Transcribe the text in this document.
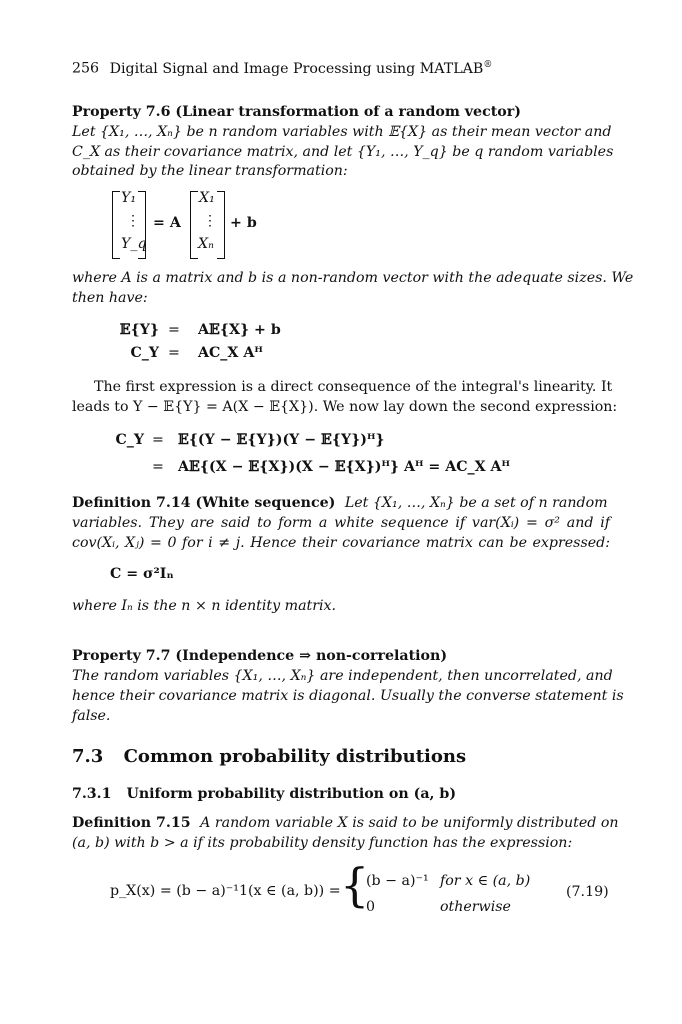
256 Digital Signal and Image Processing using MATLAB®
Property 7.6 (Linear transformation of a random vector)
Let {X₁, …, Xₙ} be n random variables with 𝔼{X} as their mean vector and
C_X as their covariance matrix, and let {Y₁, …, Y_q} be q random variables
obtained by the linear transformation:
Y₁
⋮
Y_q
= A
X₁
⋮
Xₙ
+ b
where A is a matrix and b is a non-random vector with the adequate sizes. We
then have:
𝔼{Y} = A𝔼{X} + b
C_Y = AC_X Aᴴ
The first expression is a direct consequence of the integral's linearity. It
leads to Y − 𝔼{Y} = A(X − 𝔼{X}). We now lay down the second expression:
C_Y = 𝔼{(Y − 𝔼{Y})(Y − 𝔼{Y})ᴴ}
= A𝔼{(X − 𝔼{X})(X − 𝔼{X})ᴴ} Aᴴ = AC_X Aᴴ
Definition 7.14 (White sequence) Let {X₁, …, Xₙ} be a set of n random
variables. They are said to form a white sequence if var(Xᵢ) = σ² and if
cov(Xᵢ, Xⱼ) = 0 for i ≠ j. Hence their covariance matrix can be expressed:
C = σ²Iₙ
where Iₙ is the n × n identity matrix.
Property 7.7 (Independence ⇒ non-correlation)
The random variables {X₁, …, Xₙ} are independent, then uncorrelated, and
hence their covariance matrix is diagonal. Usually the converse statement is
false.
7.3 Common probability distributions
7.3.1 Uniform probability distribution on (a, b)
Definition 7.15 A random variable X is said to be uniformly distributed on
(a, b) with b > a if its probability density function has the expression:
p_X(x) = (b − a)⁻¹1(x ∈ (a, b)) = {
(b − a)⁻¹ for x ∈ (a, b)
0	otherwise
(7.19)
